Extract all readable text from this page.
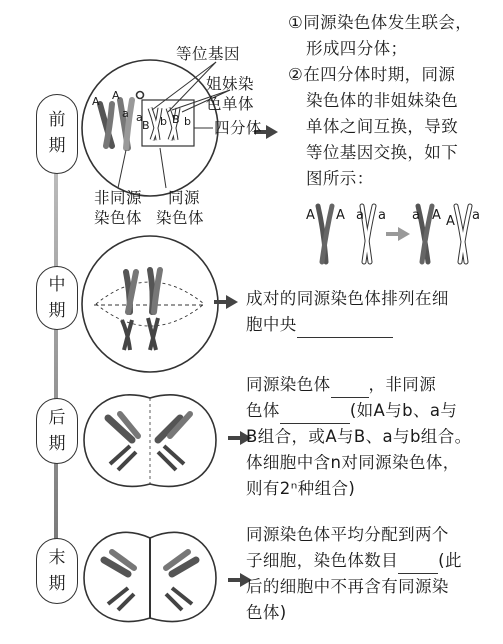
前期
中期
后期
末期
等位基因
姐妹染
色单体
四分体
非同源
染色体
同源
染色体
A A
a a
B b B b
A A a a a A A a
①同源染色体发生联会，
形成四分体；
②在四分体时期，同源
染色体的非姐妹染色
单体之间互换，导致
等位基因交换，如下
图所示：
成对的同源染色体排列在细
胞中央
同源染色体 ，非同源
色体	(如A与b、a与
B组合，或A与B、a与b组合。
体细胞中含n对同源染色体，
则有2ⁿ种组合)
同源染色体平均分配到两个
子细胞，染色体数目 (此
后的细胞中不再含有同源染
色体)
